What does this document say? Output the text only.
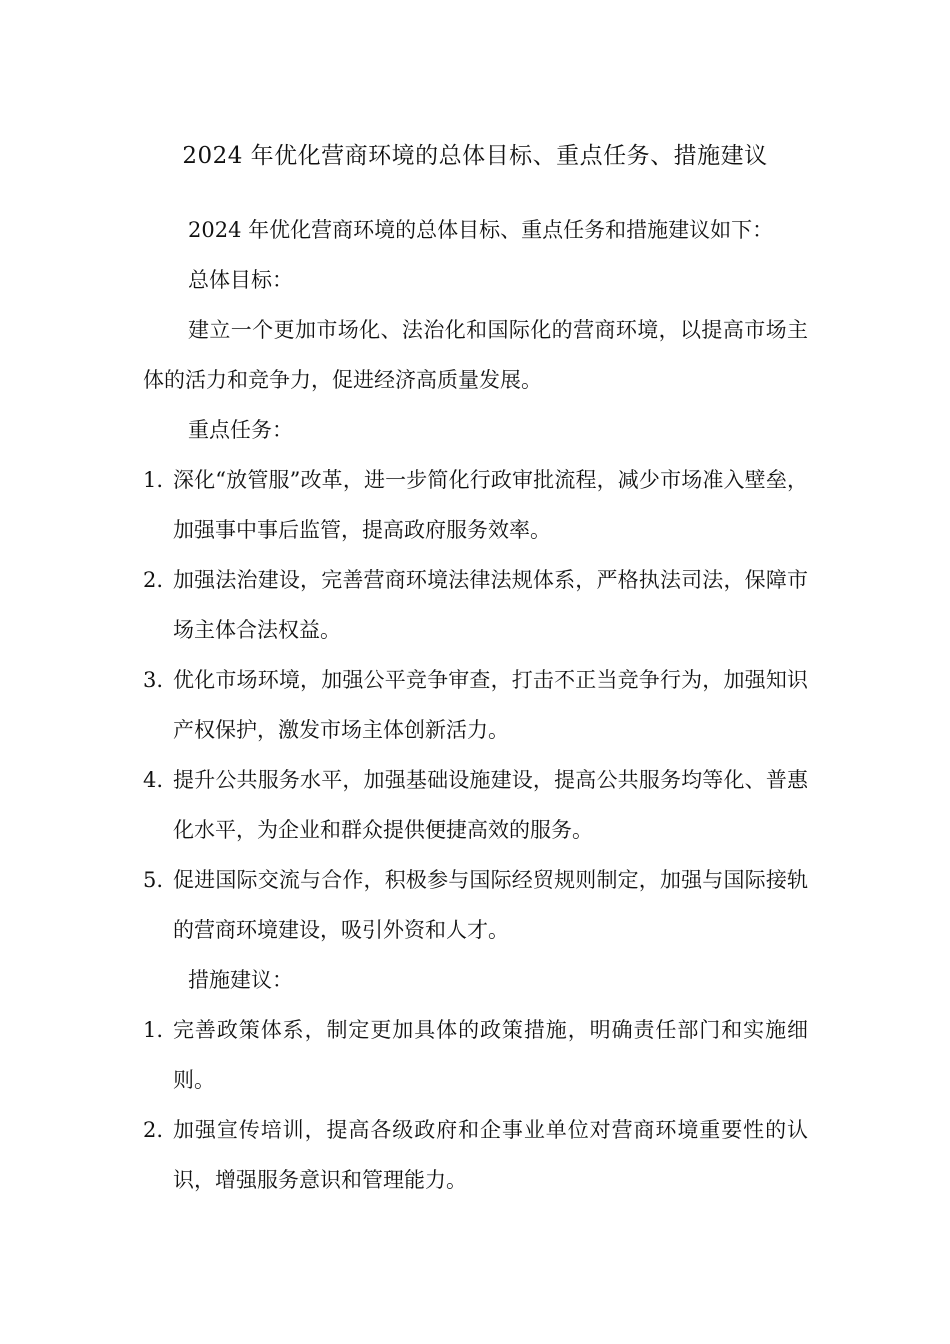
2024 年优化营商环境的总体目标、重点任务、措施建议

2024 年优化营商环境的总体目标、重点任务和措施建议如下：

总体目标：

建立一个更加市场化、法治化和国际化的营商环境，以提高市场主体的活力和竞争力，促进经济高质量发展。

重点任务：

1. 深化“放管服”改革，进一步简化行政审批流程，减少市场准入壁垒，加强事中事后监管，提高政府服务效率。
2. 加强法治建设，完善营商环境法律法规体系，严格执法司法，保障市场主体合法权益。
3. 优化市场环境，加强公平竞争审查，打击不正当竞争行为，加强知识产权保护，激发市场主体创新活力。
4. 提升公共服务水平，加强基础设施建设，提高公共服务均等化、普惠化水平，为企业和群众提供便捷高效的服务。
5. 促进国际交流与合作，积极参与国际经贸规则制定，加强与国际接轨的营商环境建设，吸引外资和人才。

措施建议：

1. 完善政策体系，制定更加具体的政策措施，明确责任部门和实施细则。
2. 加强宣传培训，提高各级政府和企事业单位对营商环境重要性的认识，增强服务意识和管理能力。
